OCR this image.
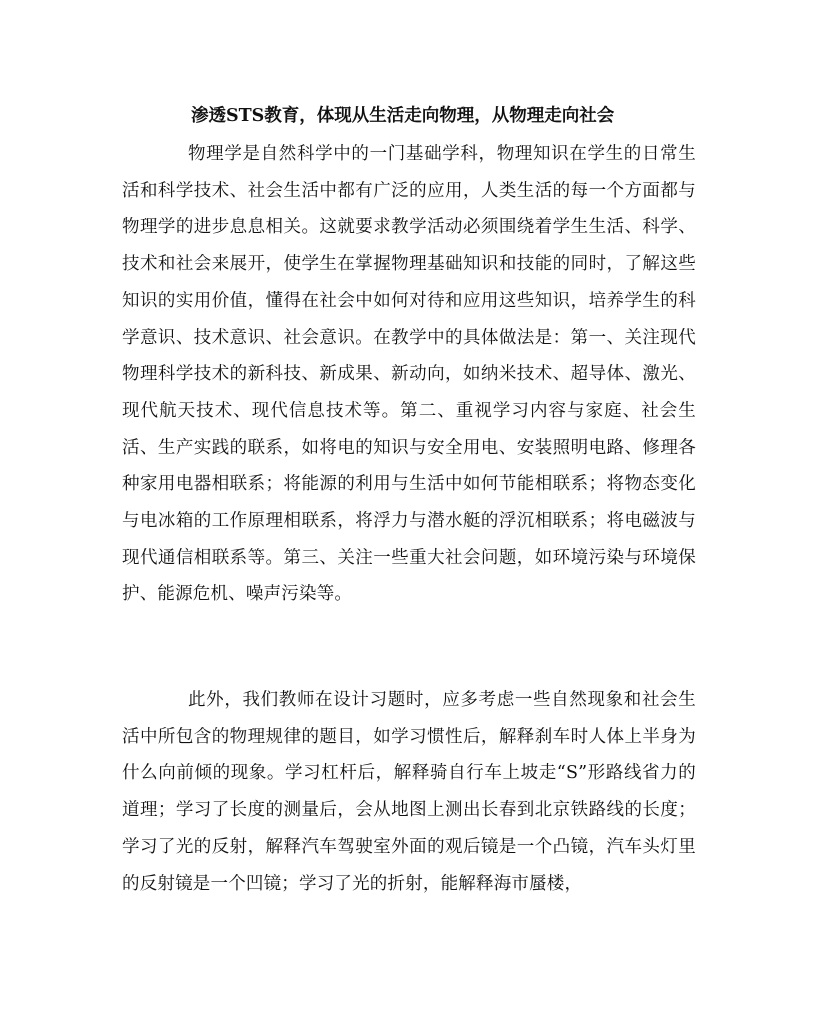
渗透STS教育，体现从生活走向物理，从物理走向社会

物理学是自然科学中的一门基础学科，物理知识在学生的日常生活和科学技术、社会生活中都有广泛的应用，人类生活的每一个方面都与物理学的进步息息相关。这就要求教学活动必须围绕着学生生活、科学、技术和社会来展开，使学生在掌握物理基础知识和技能的同时，了解这些知识的实用价值，懂得在社会中如何对待和应用这些知识，培养学生的科学意识、技术意识、社会意识。在教学中的具体做法是：第一、关注现代物理科学技术的新科技、新成果、新动向，如纳米技术、超导体、激光、现代航天技术、现代信息技术等。第二、重视学习内容与家庭、社会生活、生产实践的联系，如将电的知识与安全用电、安装照明电路、修理各种家用电器相联系；将能源的利用与生活中如何节能相联系；将物态变化与电冰箱的工作原理相联系，将浮力与潜水艇的浮沉相联系；将电磁波与现代通信相联系等。第三、关注一些重大社会问题，如环境污染与环境保护、能源危机、噪声污染等。

此外，我们教师在设计习题时，应多考虑一些自然现象和社会生活中所包含的物理规律的题目，如学习惯性后，解释刹车时人体上半身为什么向前倾的现象。学习杠杆后，解释骑自行车上坡走“S”形路线省力的道理；学习了长度的测量后，会从地图上测出长春到北京铁路线的长度；学习了光的反射，解释汽车驾驶室外面的观后镜是一个凸镜，汽车头灯里的反射镜是一个凹镜；学习了光的折射，能解释海市蜃楼，
